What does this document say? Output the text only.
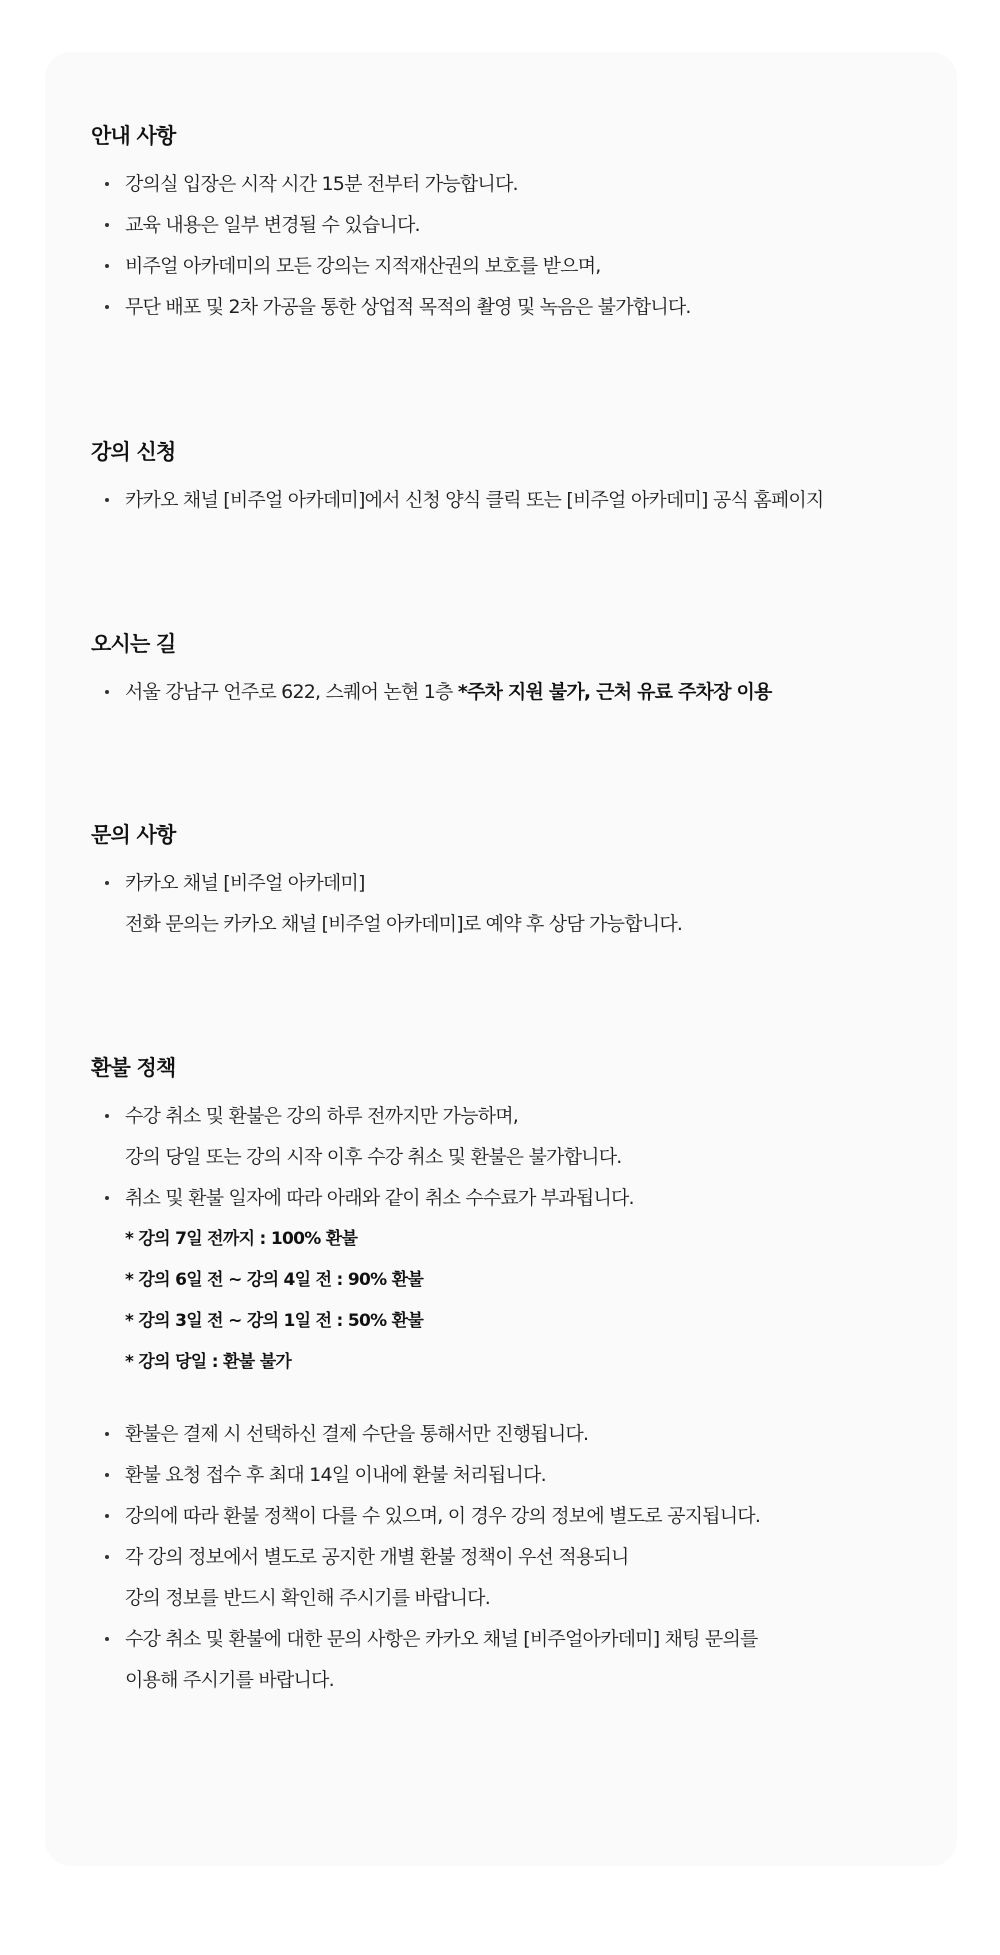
안내 사항
강의실 입장은 시작 시간 15분 전부터 가능합니다.
교육 내용은 일부 변경될 수 있습니다.
비주얼 아카데미의 모든 강의는 지적재산권의 보호를 받으며,
무단 배포 및 2차 가공을 통한 상업적 목적의 촬영 및 녹음은 불가합니다.
강의 신청
카카오 채널 [비주얼 아카데미]에서 신청 양식 클릭 또는 [비주얼 아카데미] 공식 홈페이지
오시는 길
서울 강남구 언주로 622, 스퀘어 논현 1층 *주차 지원 불가, 근처 유료 주차장 이용
문의 사항
카카오 채널 [비주얼 아카데미]
전화 문의는 카카오 채널 [비주얼 아카데미]로 예약 후 상담 가능합니다.
환불 정책
수강 취소 및 환불은 강의 하루 전까지만 가능하며,
강의 당일 또는 강의 시작 이후 수강 취소 및 환불은 불가합니다.
취소 및 환불 일자에 따라 아래와 같이 취소 수수료가 부과됩니다.
* 강의 7일 전까지 : 100% 환불
* 강의 6일 전 ~ 강의 4일 전 : 90% 환불
* 강의 3일 전 ~ 강의 1일 전 : 50% 환불
* 강의 당일 : 환불 불가
환불은 결제 시 선택하신 결제 수단을 통해서만 진행됩니다.
환불 요청 접수 후 최대 14일 이내에 환불 처리됩니다.
강의에 따라 환불 정책이 다를 수 있으며, 이 경우 강의 정보에 별도로 공지됩니다.
각 강의 정보에서 별도로 공지한 개별 환불 정책이 우선 적용되니
강의 정보를 반드시 확인해 주시기를 바랍니다.
수강 취소 및 환불에 대한 문의 사항은 카카오 채널 [비주얼아카데미] 채팅 문의를
이용해 주시기를 바랍니다.
